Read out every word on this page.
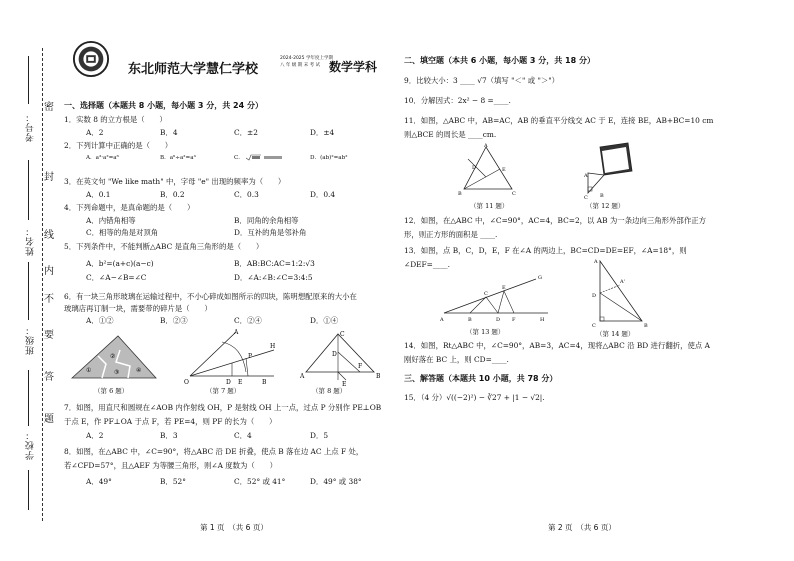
考号：
姓名：
班级：
学校：
密
封
线
内
不
要
答
题
东北师范大学慧仁学校
2024-2025 学年度上学期
八 年 级 期 末 考 试 数学学科
一、选择题（本题共 8 小题，每小题 3 分，共 24 分）
1．实数 8 的立方根是（　　）
A．2	B．4	C．±2	D．±4
2．下列计算中正确的是（　　）
A．a³·a²=a⁶	B．a⁶÷a²=a³	C．	D．(ab)²=ab²
3．在英文句 "We like math" 中，字母 "e" 出现的频率为（　　）
A．0.1	B．0.2	C．0.3	D．0.4
4．下列命题中，是真命题的是（　　）
A．内错角相等	B．同角的余角相等
C．相等的角是对顶角	D．互补的角是邻补角
5．下列条件中，不能判断△ABC 是直角三角形的是（　　）
A．b²=(a+c)(a−c)	B．AB:BC:AC=1:2:√3
C．∠A−∠B=∠C	D．∠A:∠B:∠C=3:4:5
6．有一块三角形玻璃在运输过程中，不小心碎成如图所示的四块，陈明想配原来的大小在
玻璃店再订制一块，需要带的碎片是（　　）
A．①②	B．②③	C．②④	D．①④
①
②
③	④
（第 6 题）
O	D E	B
A
H
P
（第 7 题）
A
C
B
D
E
F
（第 8 题）
7．如图，用直尺和圆规在∠AOB 内作射线 OH，P 是射线 OH 上一点，过点 P 分别作 PE⊥OB
于点 E，作 PF⊥OA 于点 F，若 PE=4，则 PF 的长为（　　）
A．2	B．3	C．4	D．5
8．如图，在△ABC 中，∠C=90°，将△ABC 沿 DE 折叠，使点 B 落在边 AC 上点 F 处，
若∠CFD=57°，且△AEF 为等腰三角形，则∠A 度数为（　　）
A．49°	B．52°	C．52° 或 41°	D．49° 或 38°
第 1 页　（共 6 页）
二、填空题（本共 6 小题，每小题 3 分，共 18 分）
9．比较大小：3 ____ √7（填写 "＜" 或 "＞"）
10．分解因式：2x² − 8 =____.
11．如图，△ABC 中，AB=AC，AB 的垂直平分线交 AC 于 E，连接 BE，AB+BC=10 cm
则△BCE 的周长是 ____cm.
A
B	C
E
D
（第 11 题）
A
C B
（第 12 题）
12．如图，在△ABC 中，∠C=90°，AC=4，BC=2，以 AB 为一条边向三角形外部作正方
形，则正方形的面积是 ____.
13．如图，点 B，C，D，E，F 在∠A 的两边上，BC=CD=DE=EF，∠A=18°，则
∠DEF=____.
A	B
C
D
E
F
G
H
（第 13 题）
A
A'
D
C	B
（第 14 题）
14．如图，Rt△ABC 中，∠C=90°，AB=3，AC=4，现将△ABC 沿 BD 进行翻折，使点 A
刚好落在 BC 上，则 CD=____.
三、解答题（本题共 10 小题，共 78 分）
15．（4 分）√((−2)²) − ∛27 + |1 − √2|.
第 2 页　（共 6 页）
